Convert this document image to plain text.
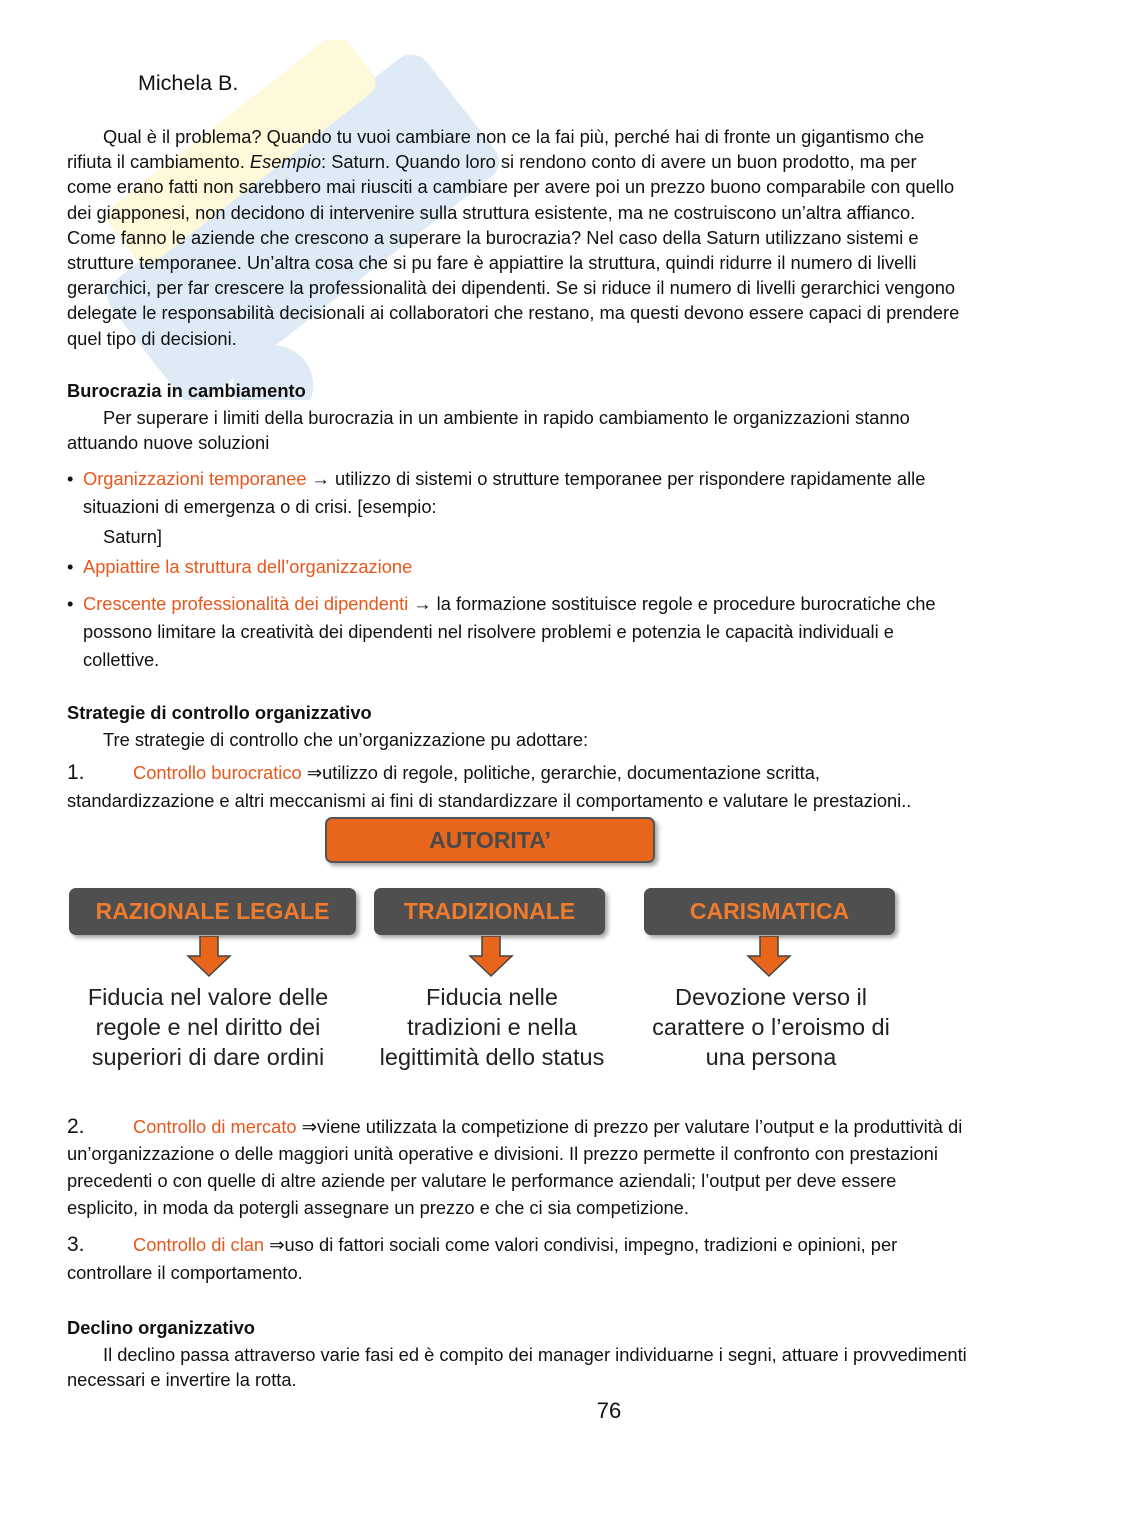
Michela B.
Qual è il problema? Quando tu vuoi cambiare non ce la fai più, perché hai di fronte un gigantismo che
rifiuta il cambiamento. Esempio: Saturn. Quando loro si rendono conto di avere un buon prodotto, ma per
come erano fatti non sarebbero mai riusciti a cambiare per avere poi un prezzo buono comparabile con quello
dei giapponesi, non decidono di intervenire sulla struttura esistente, ma ne costruiscono un’altra affianco.
Come fanno le aziende che crescono a superare la burocrazia? Nel caso della Saturn utilizzano sistemi e
strutture temporanee. Un’altra cosa che si pu fare è appiattire la struttura, quindi ridurre il numero di livelli
gerarchici, per far crescere la professionalità dei dipendenti. Se si riduce il numero di livelli gerarchici vengono
delegate le responsabilità decisionali ai collaboratori che restano, ma questi devono essere capaci di prendere
quel tipo di decisioni.
Burocrazia in cambiamento
Per superare i limiti della burocrazia in un ambiente in rapido cambiamento le organizzazioni stanno
attuando nuove soluzioni
• Organizzazioni temporanee → utilizzo di sistemi o strutture temporanee per rispondere rapidamente alle
situazioni di emergenza o di crisi. [esempio:
Saturn]
• Appiattire la struttura dell’organizzazione
• Crescente professionalità dei dipendenti → la formazione sostituisce regole e procedure burocratiche che
possono limitare la creatività dei dipendenti nel risolvere problemi e potenzia le capacità individuali e
collettive.
Strategie di controllo organizzativo
Tre strategie di controllo che un’organizzazione pu adottare:
1.	Controllo burocratico ⇒utilizzo di regole, politiche, gerarchie, documentazione scritta,
standardizzazione e altri meccanismi ai fini di standardizzare il comportamento e valutare le prestazioni..
AUTORITA’
RAZIONALE LEGALE	TRADIZIONALE	CARISMATICA
Fiducia nel valore delle
regole e nel diritto dei
superiori di dare ordini
Fiducia nelle
tradizioni e nella
legittimità dello status
Devozione verso il
carattere o l’eroismo di
una persona
2.	Controllo di mercato ⇒viene utilizzata la competizione di prezzo per valutare l’output e la produttività di
un’organizzazione o delle maggiori unità operative e divisioni. Il prezzo permette il confronto con prestazioni
precedenti o con quelle di altre aziende per valutare le performance aziendali; l’output per deve essere
esplicito, in moda da potergli assegnare un prezzo e che ci sia competizione.
3.	Controllo di clan ⇒uso di fattori sociali come valori condivisi, impegno, tradizioni e opinioni, per
controllare il comportamento.
Declino organizzativo
Il declino passa attraverso varie fasi ed è compito dei manager individuarne i segni, attuare i provvedimenti
necessari e invertire la rotta.
76
